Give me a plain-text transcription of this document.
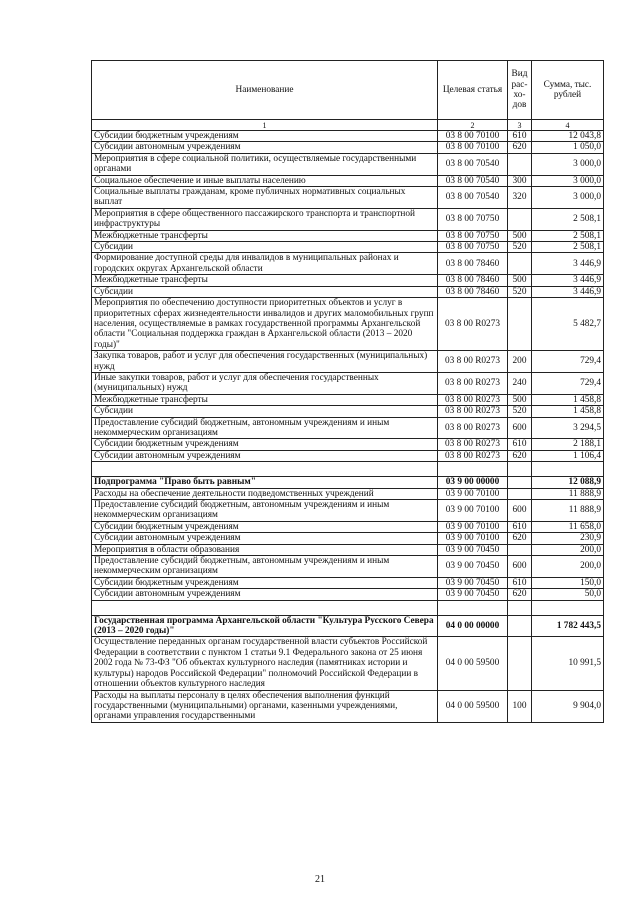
Наименование	Целевая статья	Вид рас-хо-дов	Сумма, тыс. рублей
1	2	3	4
Субсидии бюджетным учреждениям	03 8 00 70100	610	12 043,8
Субсидии автономным учреждениям	03 8 00 70100	620	1 050,0
Мероприятия в сфере социальной политики, осуществляемые государственными органами	03 8 00 70540		3 000,0
Социальное обеспечение и иные выплаты населению	03 8 00 70540	300	3 000,0
Социальные выплаты гражданам, кроме публичных нормативных социальных выплат	03 8 00 70540	320	3 000,0
Мероприятия в сфере общественного пассажирского транспорта и транспортной инфраструктуры	03 8 00 70750		2 508,1
Межбюджетные трансферты	03 8 00 70750	500	2 508,1
Субсидии	03 8 00 70750	520	2 508,1
Формирование доступной среды для инвалидов в муниципальных районах и городских округах Архангельской области	03 8 00 78460		3 446,9
Межбюджетные трансферты	03 8 00 78460	500	3 446,9
Субсидии	03 8 00 78460	520	3 446,9
Мероприятия по обеспечению доступности приоритетных объектов и услуг в приоритетных сферах жизнедеятельности инвалидов и других маломобильных групп населения, осуществляемые в рамках государственной программы Архангельской области "Социальная поддержка граждан в Архангельской области (2013 – 2020 годы)"	03 8 00 R0273		5 482,7
Закупка товаров, работ и услуг для обеспечения государственных (муниципальных) нужд	03 8 00 R0273	200	729,4
Иные закупки товаров, работ и услуг для обеспечения государственных (муниципальных) нужд	03 8 00 R0273	240	729,4
Межбюджетные трансферты	03 8 00 R0273	500	1 458,8
Субсидии	03 8 00 R0273	520	1 458,8
Предоставление субсидий бюджетным, автономным учреждениям и иным некоммерческим организациям	03 8 00 R0273	600	3 294,5
Субсидии бюджетным учреждениям	03 8 00 R0273	610	2 188,1
Субсидии автономным учреждениям	03 8 00 R0273	620	1 106,4

Подпрограмма "Право быть равным"	03 9 00 00000		12 088,9
Расходы на обеспечение деятельности подведомственных учреждений	03 9 00 70100		11 888,9
Предоставление субсидий бюджетным, автономным учреждениям и иным некоммерческим организациям	03 9 00 70100	600	11 888,9
Субсидии бюджетным учреждениям	03 9 00 70100	610	11 658,0
Субсидии автономным учреждениям	03 9 00 70100	620	230,9
Мероприятия в области образования	03 9 00 70450		200,0
Предоставление субсидий бюджетным, автономным учреждениям и иным некоммерческим организациям	03 9 00 70450	600	200,0
Субсидии бюджетным учреждениям	03 9 00 70450	610	150,0
Субсидии автономным учреждениям	03 9 00 70450	620	50,0

Государственная программа Архангельской области "Культура Русского Севера (2013 – 2020 годы)"	04 0 00 00000		1 782 443,5
Осуществление переданных органам государственной власти субъектов Российской Федерации в соответствии с пунктом 1 статьи 9.1 Федерального закона от 25 июня 2002 года № 73-ФЗ "Об объектах культурного наследия (памятниках истории и культуры) народов Российской Федерации" полномочий Российской Федерации в отношении объектов культурного наследия	04 0 00 59500		10 991,5
Расходы на выплаты персоналу в целях обеспечения выполнения функций государственными (муниципальными) органами, казенными учреждениями, органами управления государственными	04 0 00 59500	100	9 904,0
21
